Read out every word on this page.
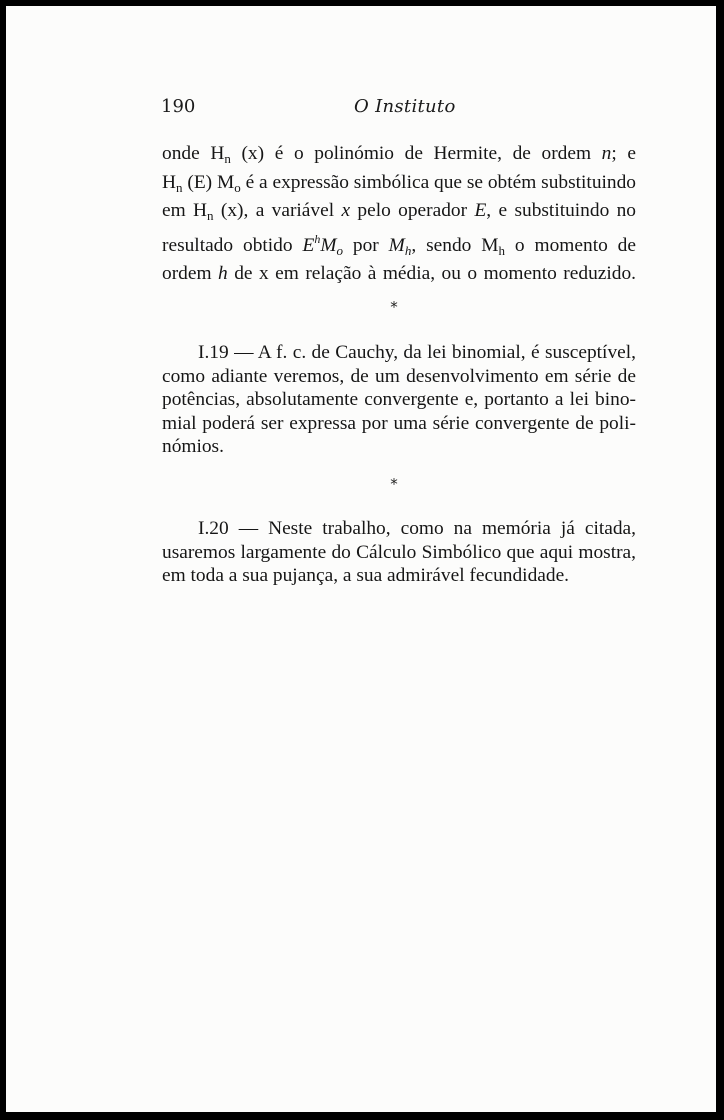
190	O Instituto
onde $H_n$ (x) é o polinómio de Hermite, de ordem n; e
$H_n$ (E) $M_o$ é a expressão simbólica que se obtém substituindo
em $H_n$ (x), a variável x pelo operador E, e substituindo no
resultado obtido $E^hM_o$ por $M_h$, sendo $M_h$ o momento de
ordem h de x em relação à média, ou o momento reduzido.
*
I.19 — A f. c. de Cauchy, da lei binomial, é susceptível,
como adiante veremos, de um desenvolvimento em série de
potências, absolutamente convergente e, portanto a lei bino-
mial poderá ser expressa por uma série convergente de poli-
nómios.
*
I.20 — Neste trabalho, como na memória já citada,
usaremos largamente do Cálculo Simbólico que aqui mostra,
em toda a sua pujança, a sua admirável fecundidade.
